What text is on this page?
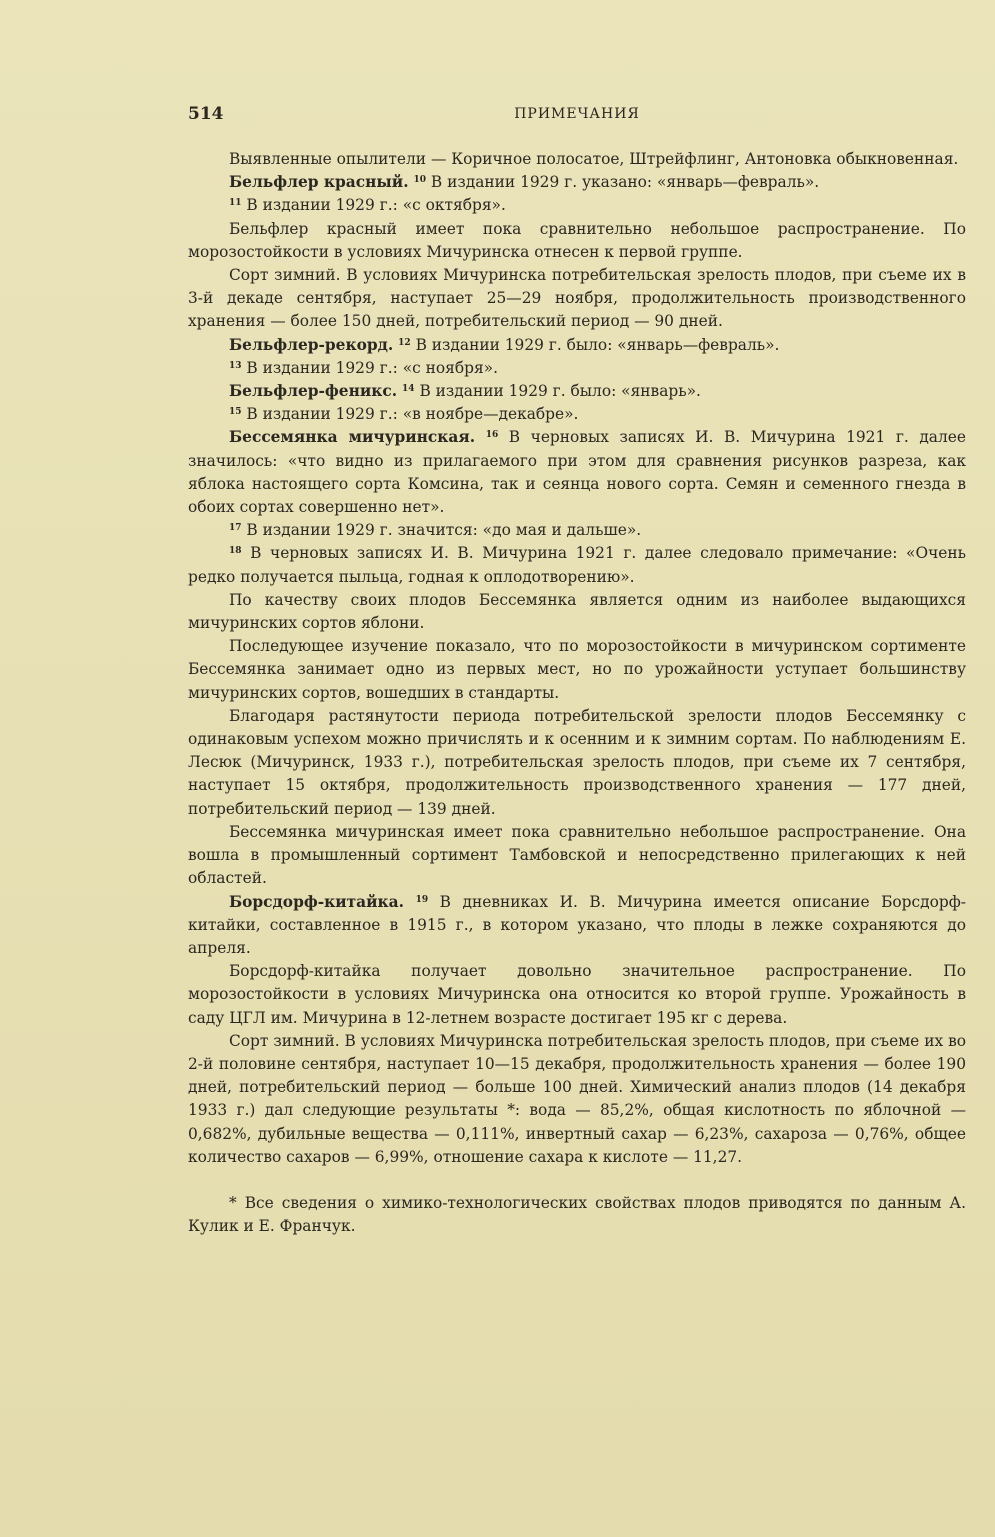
514	ПРИМЕЧАНИЯ

Выявленные опылители — Коричное полосатое, Штрейфлинг, Антоновка обыкновенная.

Бельфлер красный. $^{10}$ В издании 1929 г. указано: «январь—февраль».

$^{11}$ В издании 1929 г.: «с октября».

Бельфлер красный имеет пока сравнительно небольшое распространение. По морозостойкости в условиях Мичуринска отнесен к первой группе.

Сорт зимний. В условиях Мичуринска потребительская зрелость плодов, при съеме их в 3-й декаде сентября, наступает 25—29 ноября, продолжительность производственного хранения — более 150 дней, потребительский период — 90 дней.

Бельфлер-рекорд. $^{12}$ В издании 1929 г. было: «январь—февраль».

$^{13}$ В издании 1929 г.: «с ноября».

Бельфлер-феникс. $^{14}$ В издании 1929 г. было: «январь».

$^{15}$ В издании 1929 г.: «в ноябре—декабре».

Бессемянка мичуринская. $^{16}$ В черновых записях И. В. Мичурина 1921 г. далее значилось: «что видно из прилагаемого при этом для сравнения рисунков разреза, как яблока настоящего сорта Комсина, так и сеянца нового сорта. Семян и семенного гнезда в обоих сортах совершенно нет».

$^{17}$ В издании 1929 г. значится: «до мая и дальше».

$^{18}$ В черновых записях И. В. Мичурина 1921 г. далее следовало примечание: «Очень редко получается пыльца, годная к оплодотворению».

По качеству своих плодов Бессемянка является одним из наиболее выдающихся мичуринских сортов яблони.

Последующее изучение показало, что по морозостойкости в мичуринском сортименте Бессемянка занимает одно из первых мест, но по урожайности уступает большинству мичуринских сортов, вошедших в стандарты.

Благодаря растянутости периода потребительской зрелости плодов Бессемянку с одинаковым успехом можно причислять и к осенним и к зимним сортам. По наблюдениям Е. Лесюк (Мичуринск, 1933 г.), потребительская зрелость плодов, при съеме их 7 сентября, наступает 15 октября, продолжительность производственного хранения — 177 дней, потребительский период — 139 дней.

Бессемянка мичуринская имеет пока сравнительно небольшое распространение. Она вошла в промышленный сортимент Тамбовской и непосредственно прилегающих к ней областей.

Борсдорф-китайка. $^{19}$ В дневниках И. В. Мичурина имеется описание Борсдорф-китайки, составленное в 1915 г., в котором указано, что плоды в лежке сохраняются до апреля.

Борсдорф-китайка получает довольно значительное распространение. По морозостойкости в условиях Мичуринска она относится ко второй группе. Урожайность в саду ЦГЛ им. Мичурина в 12-летнем возрасте достигает 195 кг с дерева.

Сорт зимний. В условиях Мичуринска потребительская зрелость плодов, при съеме их во 2-й половине сентября, наступает 10—15 декабря, продолжительность хранения — более 190 дней, потребительский период — больше 100 дней. Химический анализ плодов (14 декабря 1933 г.) дал следующие результаты *: вода — 85,2%, общая кислотность по яблочной — 0,682%, дубильные вещества — 0,111%, инвертный сахар — 6,23%, сахароза — 0,76%, общее количество сахаров — 6,99%, отношение сахара к кислоте — 11,27.

* Все сведения о химико-технологических свойствах плодов приводятся по данным А. Кулик и Е. Франчук.
